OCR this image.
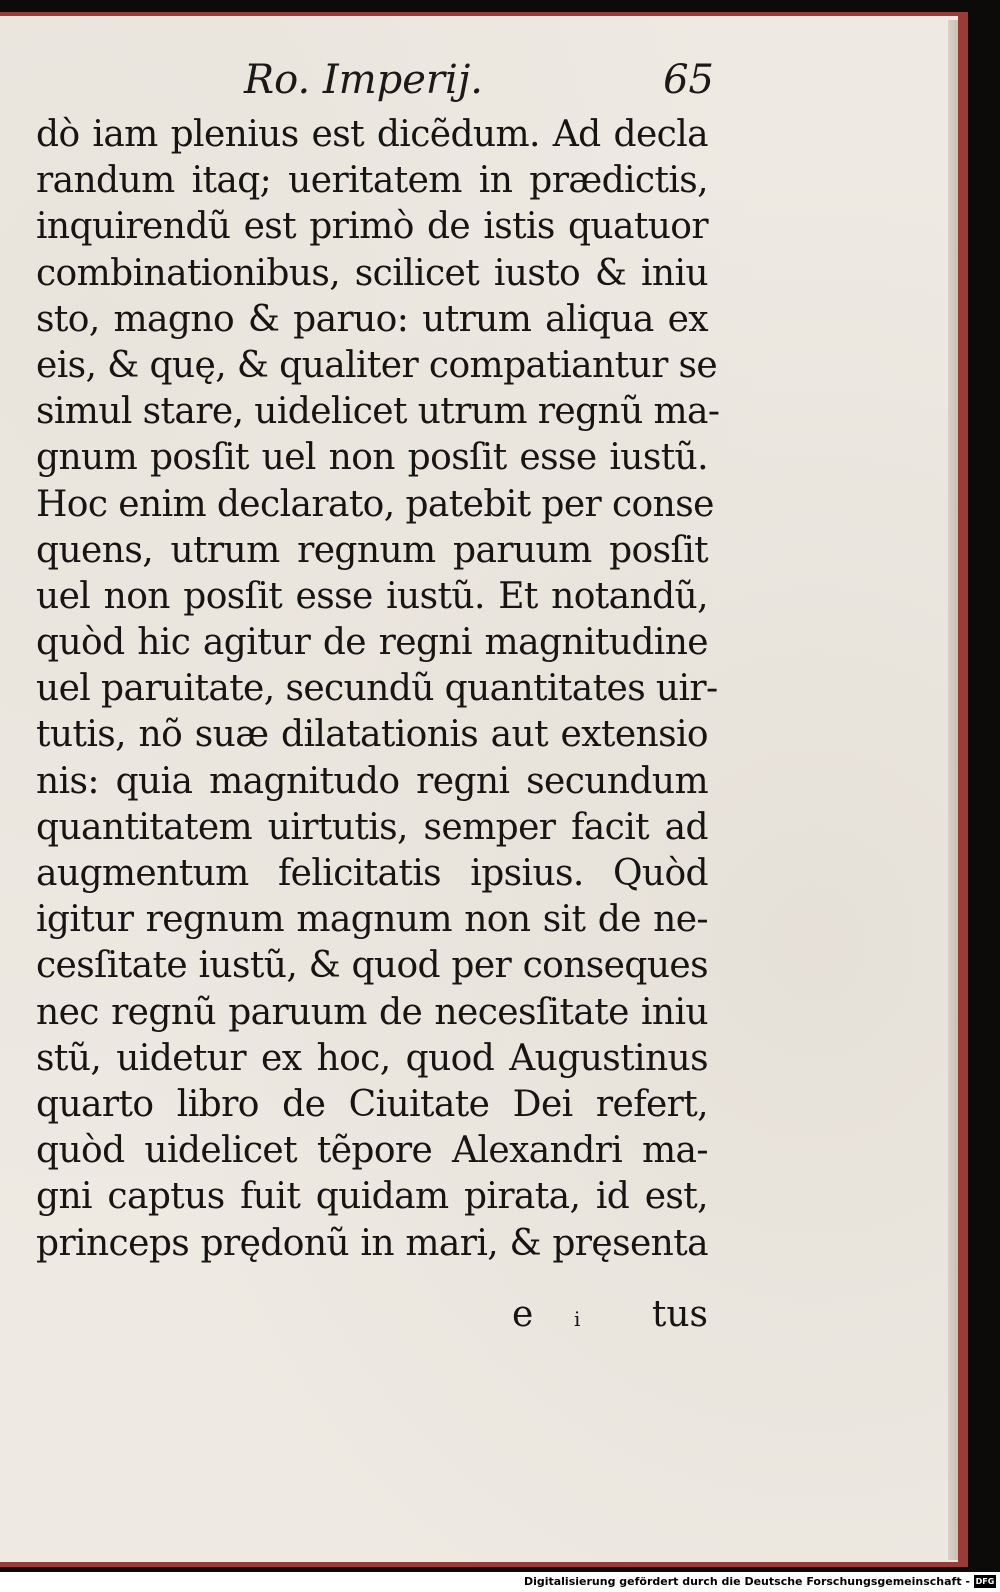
Ro. Imperij.	65
dò iam plenius est dicẽdum. Ad decla
randum itaq; ueritatem in prædictis,
inquirendũ est primò de istis quatuor
combinationibus, scilicet iusto & iniu
sto, magno & paruo: utrum aliqua ex
eis, & quę, & qualiter compatiantur se
simul stare, uidelicet utrum regnũ ma-
gnum posſit uel non posſit esse iustũ.
Hoc enim declarato, patebit per conse
quens, utrum regnum paruum posſit
uel non posſit esse iustũ. Et notandũ,
quòd hic agitur de regni magnitudine
uel paruitate, secundũ quantitates uir-
tutis, nõ suæ dilatationis aut extensio
nis: quia magnitudo regni secundum
quantitatem uirtutis, semper facit ad
augmentum felicitatis ipsius. Quòd
igitur regnum magnum non sit de ne-
cesſitate iustũ, & quod per conseques
nec regnũ paruum de necesſitate iniu
stũ, uidetur ex hoc, quod Augustinus
quarto libro de Ciuitate Dei refert,
quòd uidelicet tẽpore Alexandri ma-
gni captus fuit quidam pirata, id est,
princeps prędonũ in mari, & pręsenta
e i tus
Digitalisierung gefördert durch die Deutsche Forschungsgemeinschaft - DFG
